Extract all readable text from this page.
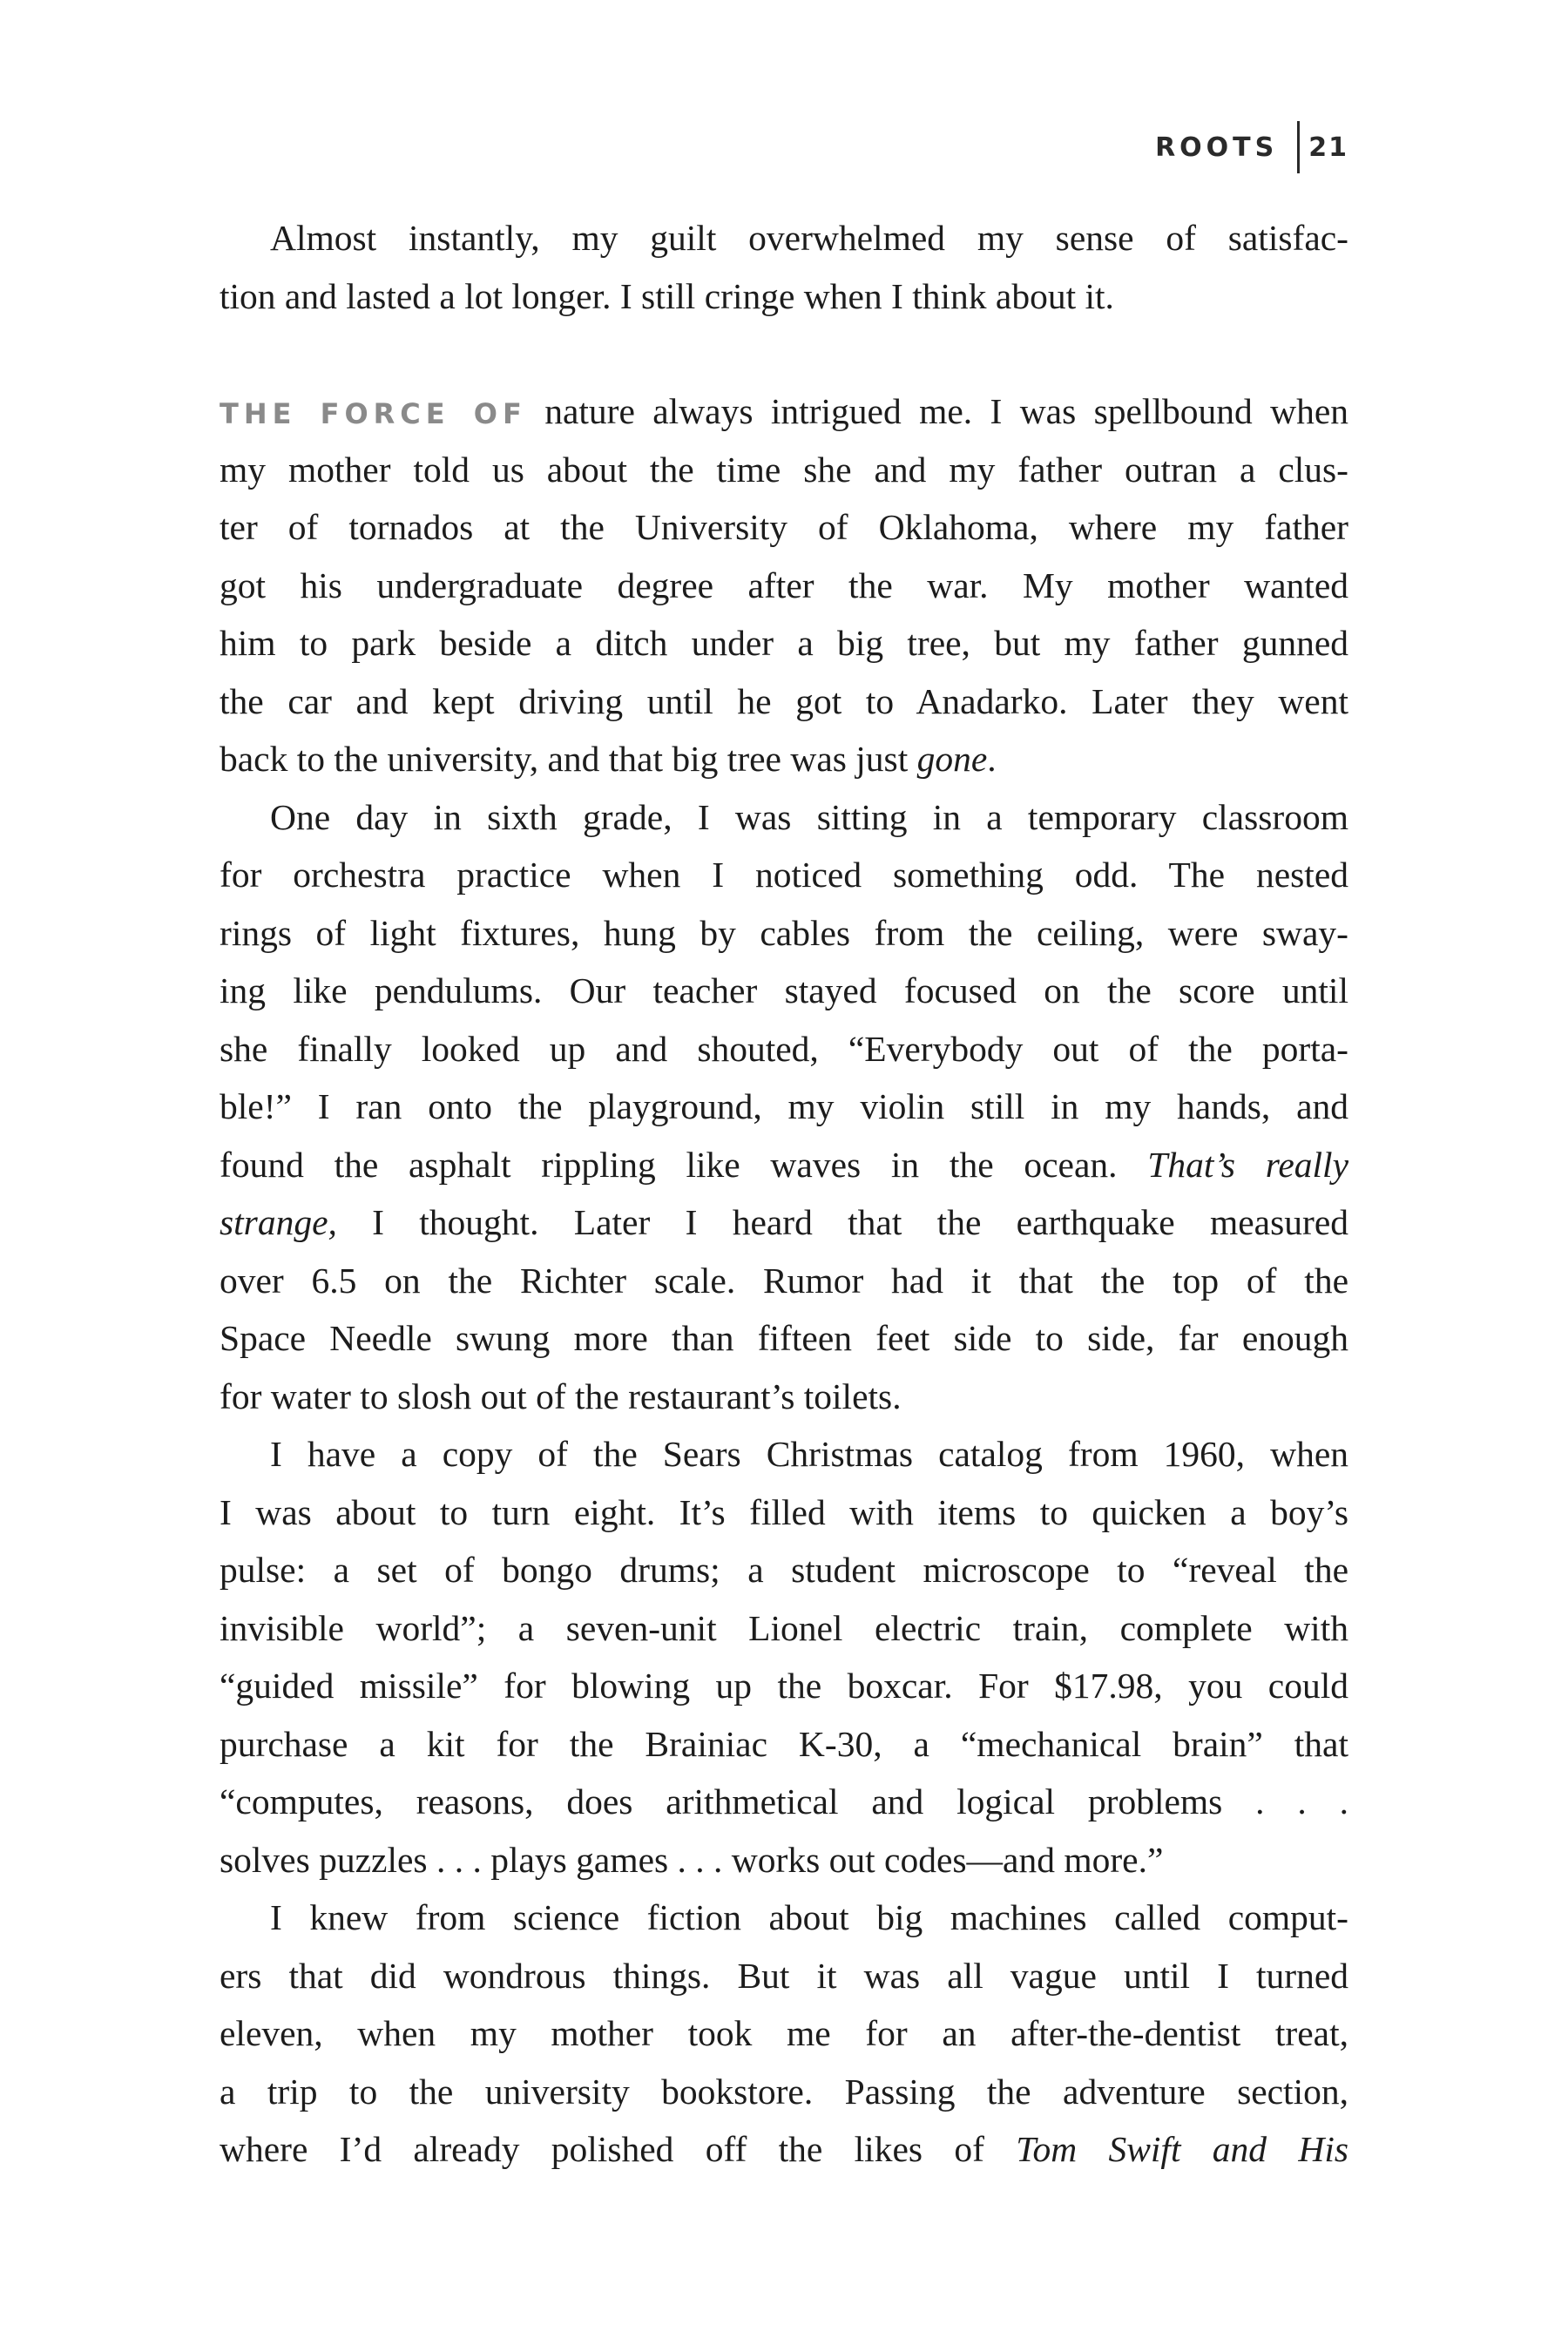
ROOTS 21
Almost instantly, my guilt overwhelmed my sense of satisfac-
tion and lasted a lot longer. I still cringe when I think about it.
THE FORCE OF nature always intrigued me. I was spellbound when
my mother told us about the time she and my father outran a clus-
ter of tornados at the University of Oklahoma, where my father
got his undergraduate degree after the war. My mother wanted
him to park beside a ditch under a big tree, but my father gunned
the car and kept driving until he got to Anadarko. Later they went
back to the university, and that big tree was just gone.
One day in sixth grade, I was sitting in a temporary classroom
for orchestra practice when I noticed something odd. The nested
rings of light fixtures, hung by cables from the ceiling, were sway-
ing like pendulums. Our teacher stayed focused on the score until
she finally looked up and shouted, “Everybody out of the porta-
ble!” I ran onto the playground, my violin still in my hands, and
found the asphalt rippling like waves in the ocean. That’s really
strange, I thought. Later I heard that the earthquake measured
over 6.5 on the Richter scale. Rumor had it that the top of the
Space Needle swung more than fifteen feet side to side, far enough
for water to slosh out of the restaurant’s toilets.
I have a copy of the Sears Christmas catalog from 1960, when
I was about to turn eight. It’s filled with items to quicken a boy’s
pulse: a set of bongo drums; a student microscope to “reveal the
invisible world”; a seven-unit Lionel electric train, complete with
“guided missile” for blowing up the boxcar. For $17.98, you could
purchase a kit for the Brainiac K-30, a “mechanical brain” that
“computes, reasons, does arithmetical and logical problems . . .
solves puzzles . . . plays games . . . works out codes—and more.”
I knew from science fiction about big machines called comput-
ers that did wondrous things. But it was all vague until I turned
eleven, when my mother took me for an after-the-dentist treat,
a trip to the university bookstore. Passing the adventure section,
where I’d already polished off the likes of Tom Swift and His
